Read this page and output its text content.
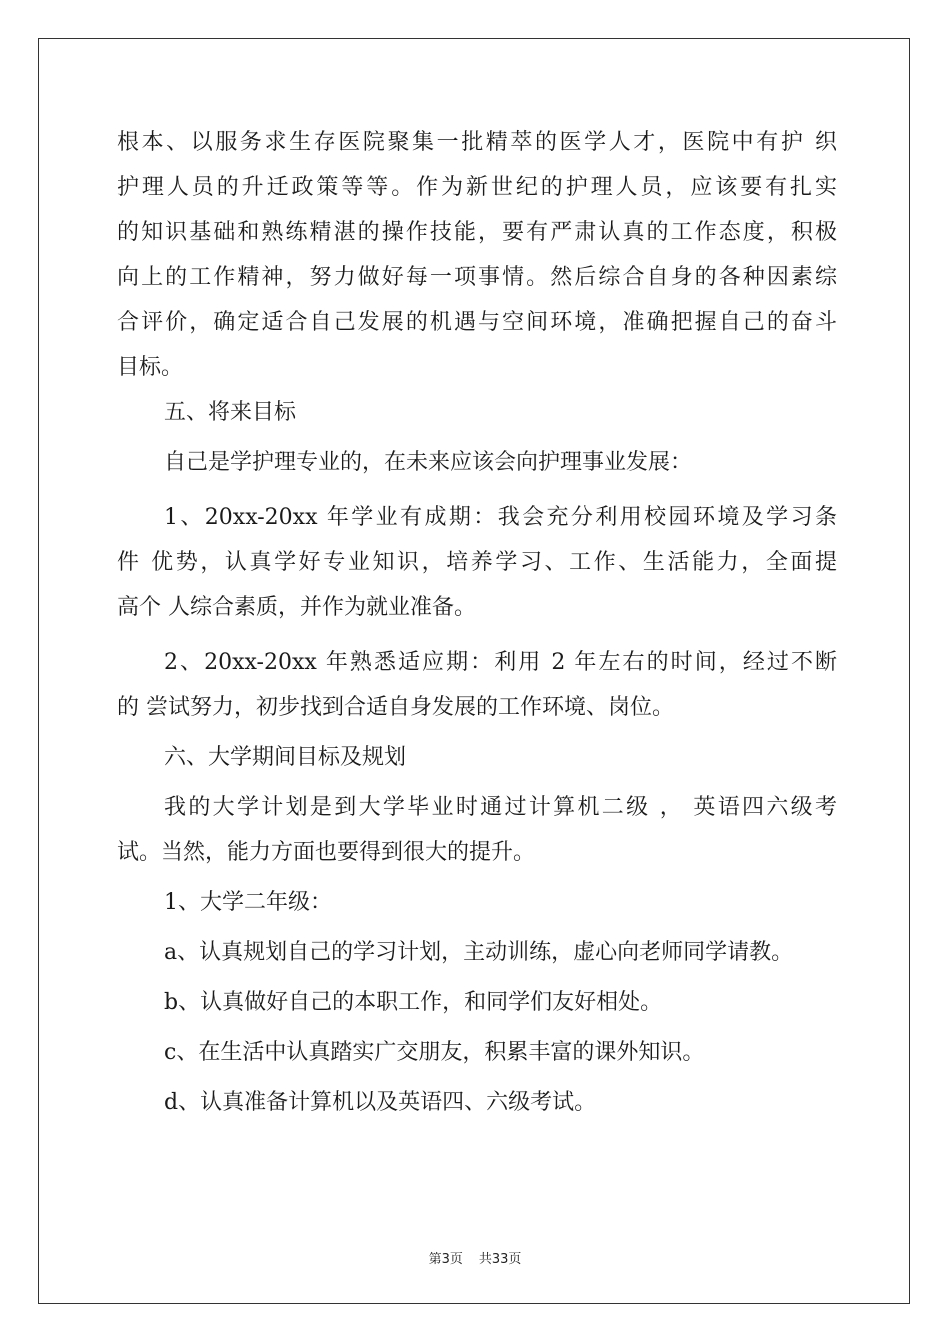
根本、以服务求生存医院聚集一批精萃的医学人才，医院中有护 织
护理人员的升迁政策等等。作为新世纪的护理人员，应该要有扎实
的知识基础和熟练精湛的操作技能，要有严肃认真的工作态度，积极
向上的工作精神，努力做好每一项事情。然后综合自身的各种因素综
合评价，确定适合自己发展的机遇与空间环境，准确把握自己的奋斗
目标。
五、将来目标
自己是学护理专业的，在未来应该会向护理事业发展：
1、20xx-20xx 年学业有成期：我会充分利用校园环境及学习条
件 优势，认真学好专业知识，培养学习、工作、生活能力，全面提
高个 人综合素质，并作为就业准备。
2、20xx-20xx 年熟悉适应期：利用 2 年左右的时间，经过不断
的 尝试努力，初步找到合适自身发展的工作环境、岗位。
六、大学期间目标及规划
我的大学计划是到大学毕业时通过计算机二级 ， 英语四六级考
试。当然，能力方面也要得到很大的提升。
1、大学二年级：
a、认真规划自己的学习计划，主动训练，虚心向老师同学请教。
b、认真做好自己的本职工作，和同学们友好相处。
c、在生活中认真踏实广交朋友，积累丰富的课外知识。
d、认真准备计算机以及英语四、六级考试。
第3页 共33页
